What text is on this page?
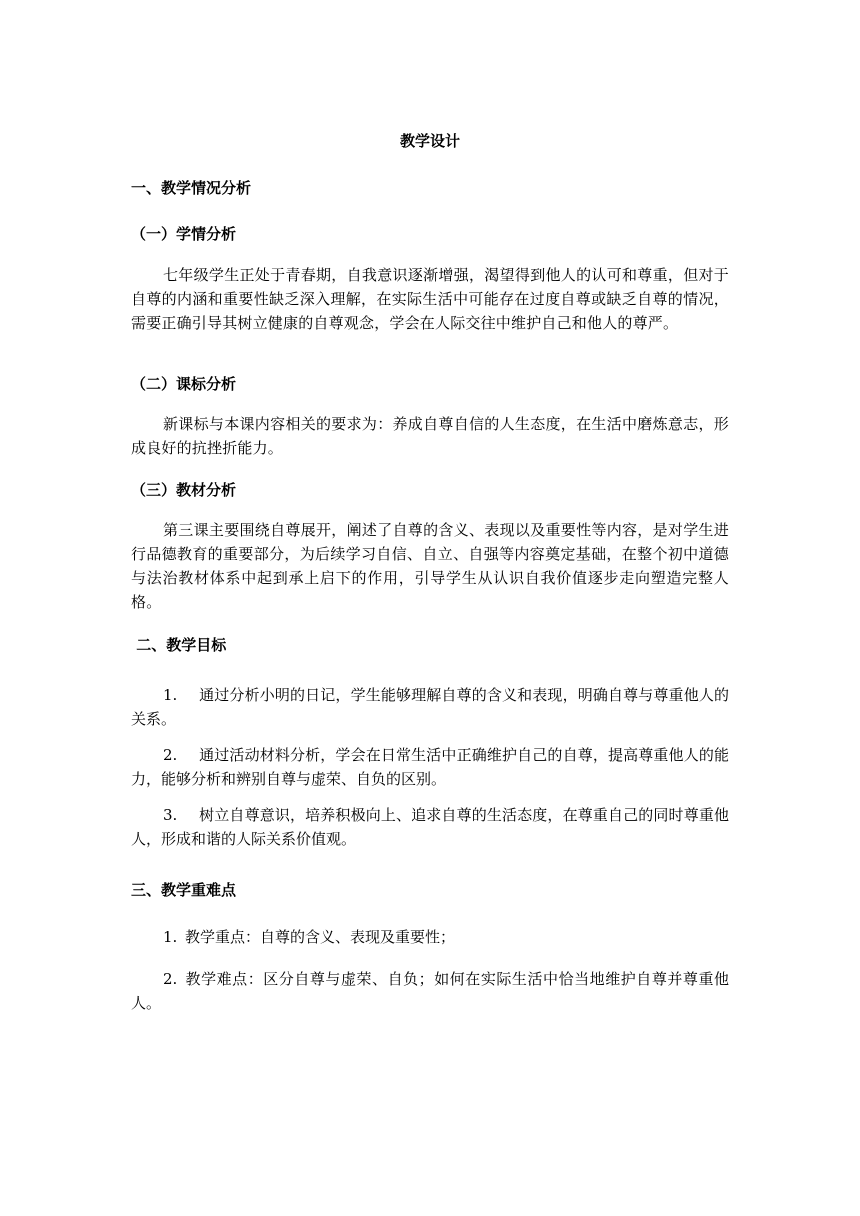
教学设计
一、教学情况分析
（一）学情分析
七年级学生正处于青春期，自我意识逐渐增强，渴望得到他人的认可和尊重，但对于自尊的内涵和重要性缺乏深入理解，在实际生活中可能存在过度自尊或缺乏自尊的情况，需要正确引导其树立健康的自尊观念，学会在人际交往中维护自己和他人的尊严。
（二）课标分析
新课标与本课内容相关的要求为：养成自尊自信的人生态度，在生活中磨炼意志，形成良好的抗挫折能力。
（三）教材分析
第三课主要围绕自尊展开，阐述了自尊的含义、表现以及重要性等内容，是对学生进行品德教育的重要部分，为后续学习自信、自立、自强等内容奠定基础，在整个初中道德与法治教材体系中起到承上启下的作用，引导学生从认识自我价值逐步走向塑造完整人格。
二、教学目标
1. 通过分析小明的日记，学生能够理解自尊的含义和表现，明确自尊与尊重他人的关系。
2. 通过活动材料分析，学会在日常生活中正确维护自己的自尊，提高尊重他人的能力，能够分析和辨别自尊与虚荣、自负的区别。
3. 树立自尊意识，培养积极向上、追求自尊的生活态度，在尊重自己的同时尊重他人，形成和谐的人际关系价值观。
三、教学重难点
1. 教学重点：自尊的含义、表现及重要性；
2. 教学难点：区分自尊与虚荣、自负；如何在实际生活中恰当地维护自尊并尊重他人。
